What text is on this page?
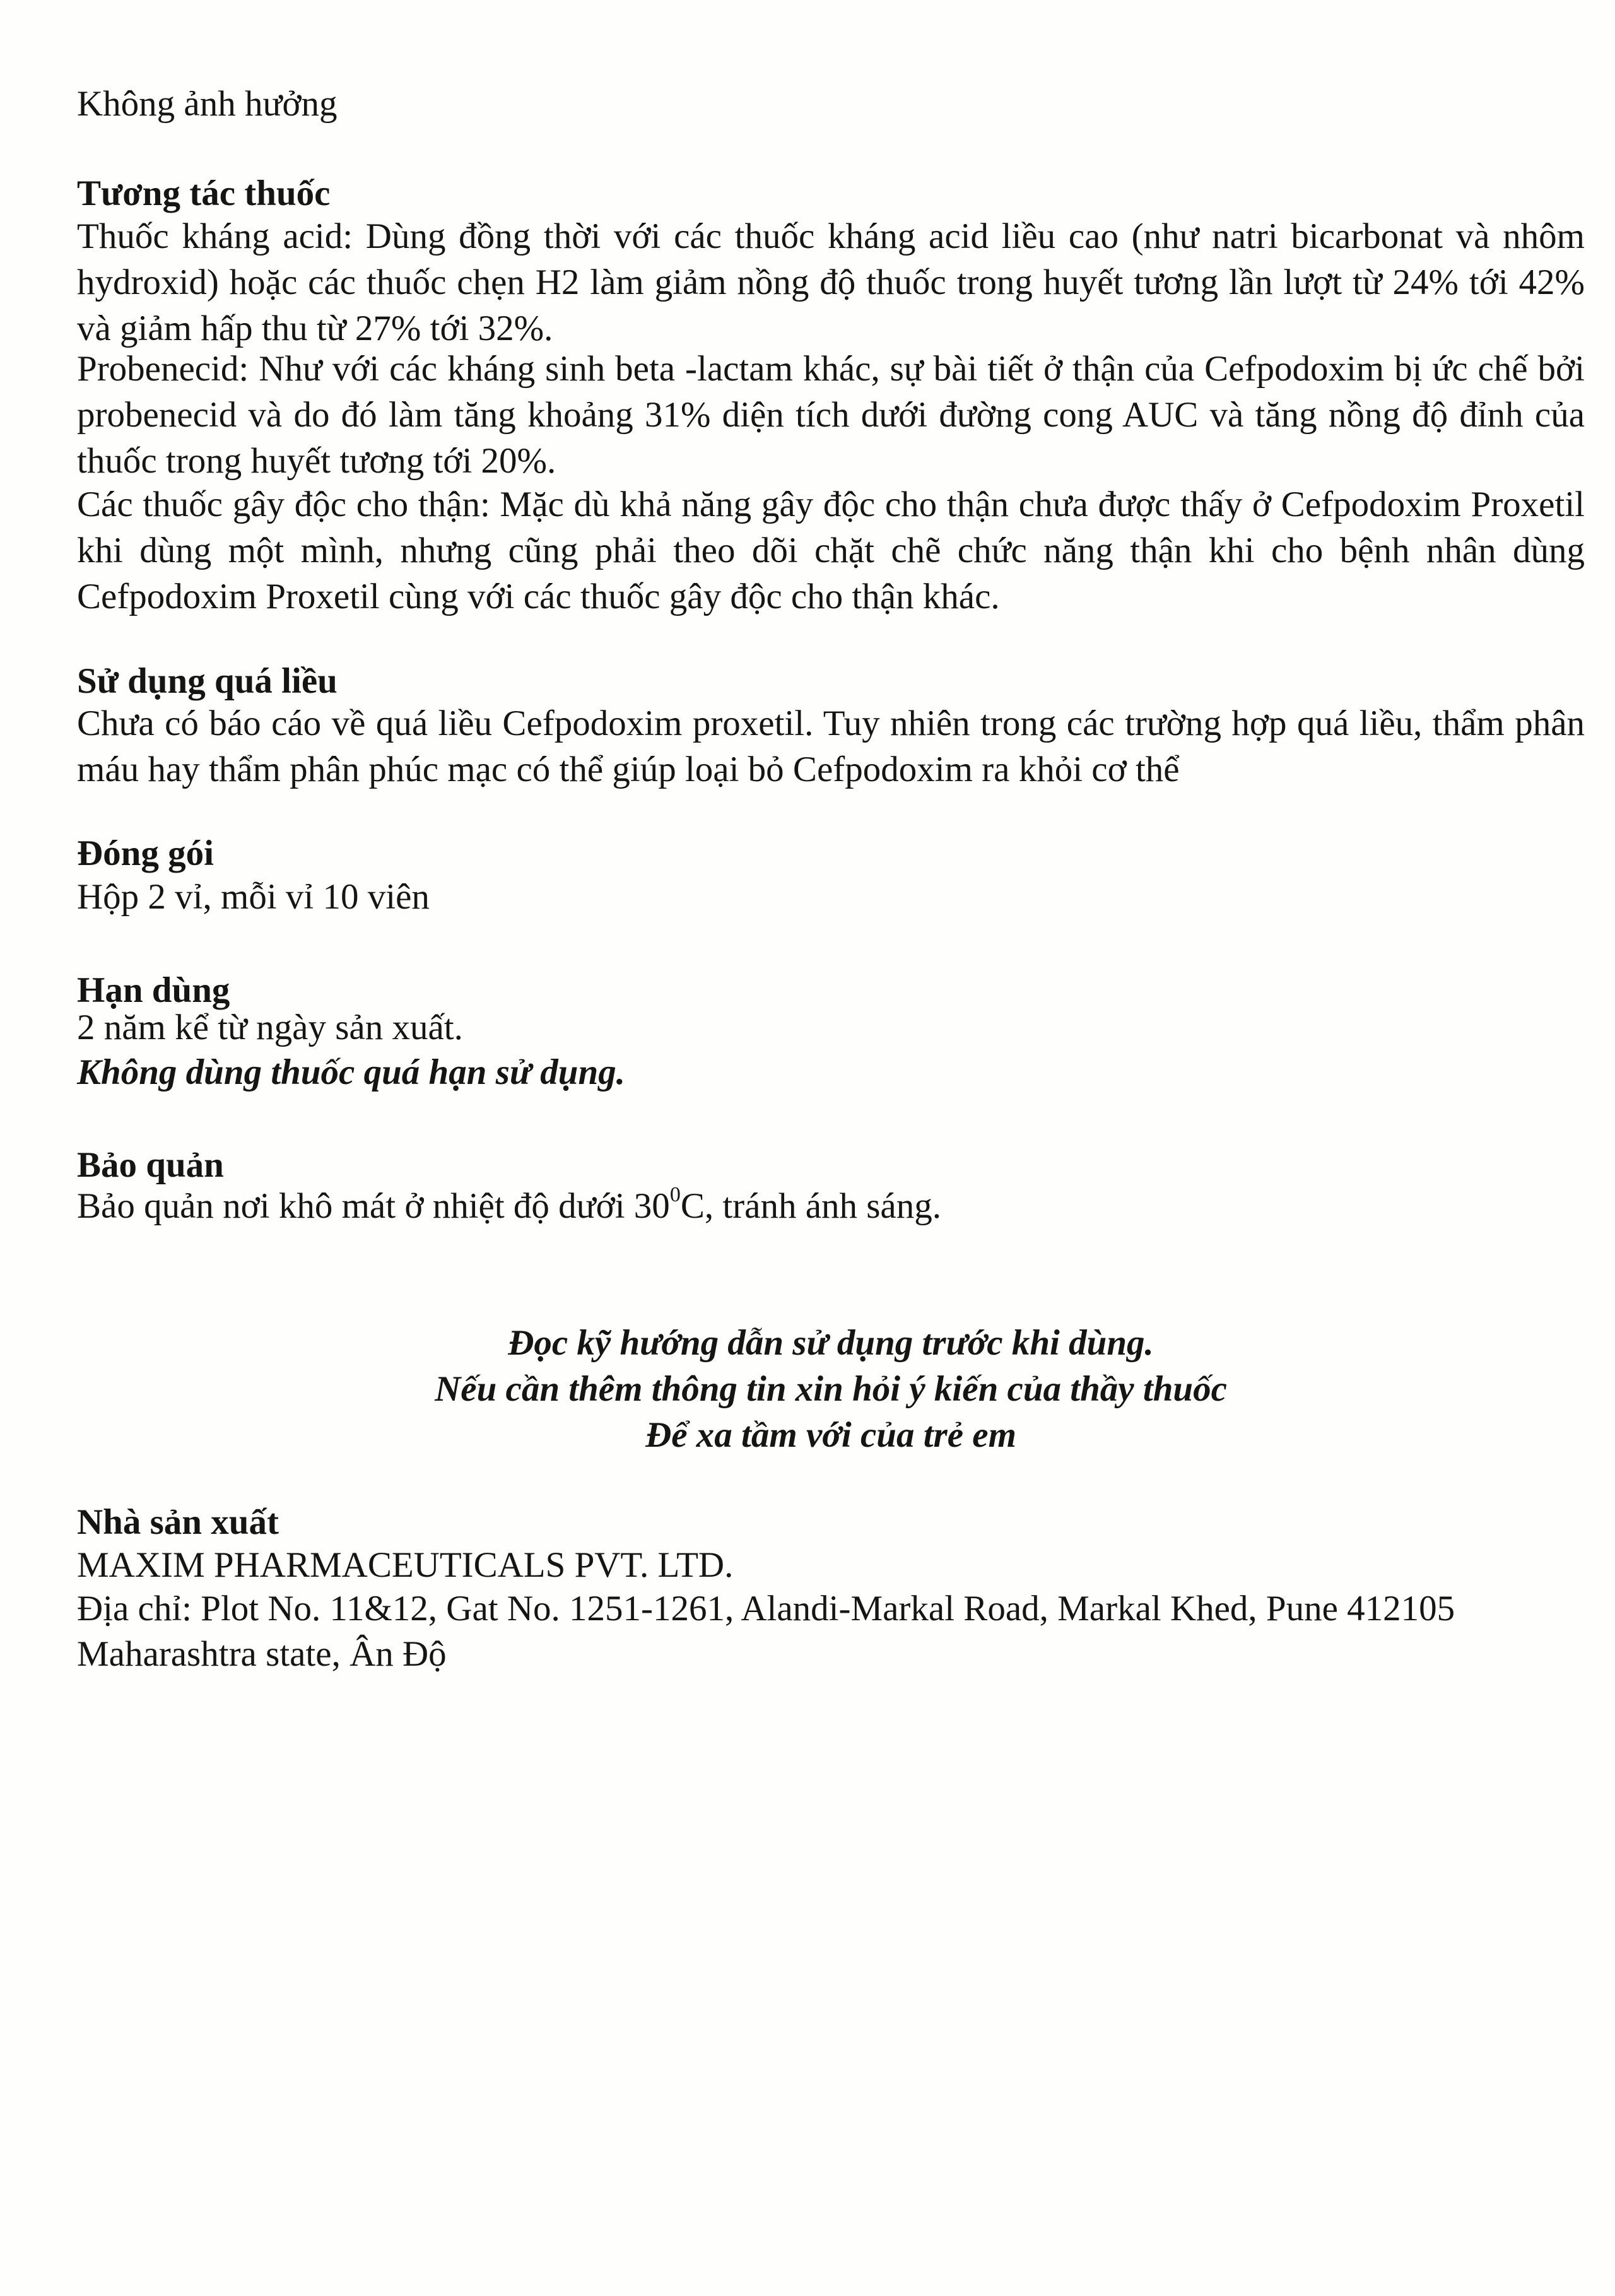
Không ảnh hưởng

Tương tác thuốc

Thuốc kháng acid: Dùng đồng thời với các thuốc kháng acid liều cao (như natri bicarbonat và nhôm hydroxid) hoặc các thuốc chẹn H2 làm giảm nồng độ thuốc trong huyết tương lần lượt từ 24% tới 42% và giảm hấp thu từ 27% tới 32%.

Probenecid: Như với các kháng sinh beta -lactam khác, sự bài tiết ở thận của Cefpodoxim bị ức chế bởi probenecid và do đó làm tăng khoảng 31% diện tích dưới đường cong AUC và tăng nồng độ đỉnh của thuốc trong huyết tương tới 20%.

Các thuốc gây độc cho thận: Mặc dù khả năng gây độc cho thận chưa được thấy ở Cefpodoxim Proxetil khi dùng một mình, nhưng cũng phải theo dõi chặt chẽ chức năng thận khi cho bệnh nhân dùng Cefpodoxim Proxetil cùng với các thuốc gây độc cho thận khác.

Sử dụng quá liều

Chưa có báo cáo về quá liều Cefpodoxim proxetil. Tuy nhiên trong các trường hợp quá liều, thẩm phân máu hay thẩm phân phúc mạc có thể giúp loại bỏ Cefpodoxim ra khỏi cơ thể

Đóng gói

Hộp 2 vỉ, mỗi vỉ 10 viên

Hạn dùng

2 năm kể từ ngày sản xuất.

Không dùng thuốc quá hạn sử dụng.

Bảo quản

Bảo quản nơi khô mát ở nhiệt độ dưới $30^0C$, tránh ánh sáng.

Đọc kỹ hướng dẫn sử dụng trước khi dùng.

Nếu cần thêm thông tin xin hỏi ý kiến của thầy thuốc

Để xa tầm với của trẻ em

Nhà sản xuất

MAXIM PHARMACEUTICALS PVT. LTD.

Địa chỉ: Plot No. 11&12, Gat No. 1251-1261, Alandi-Markal Road, Markal Khed, Pune 412105

Maharashtra state, Ân Độ
